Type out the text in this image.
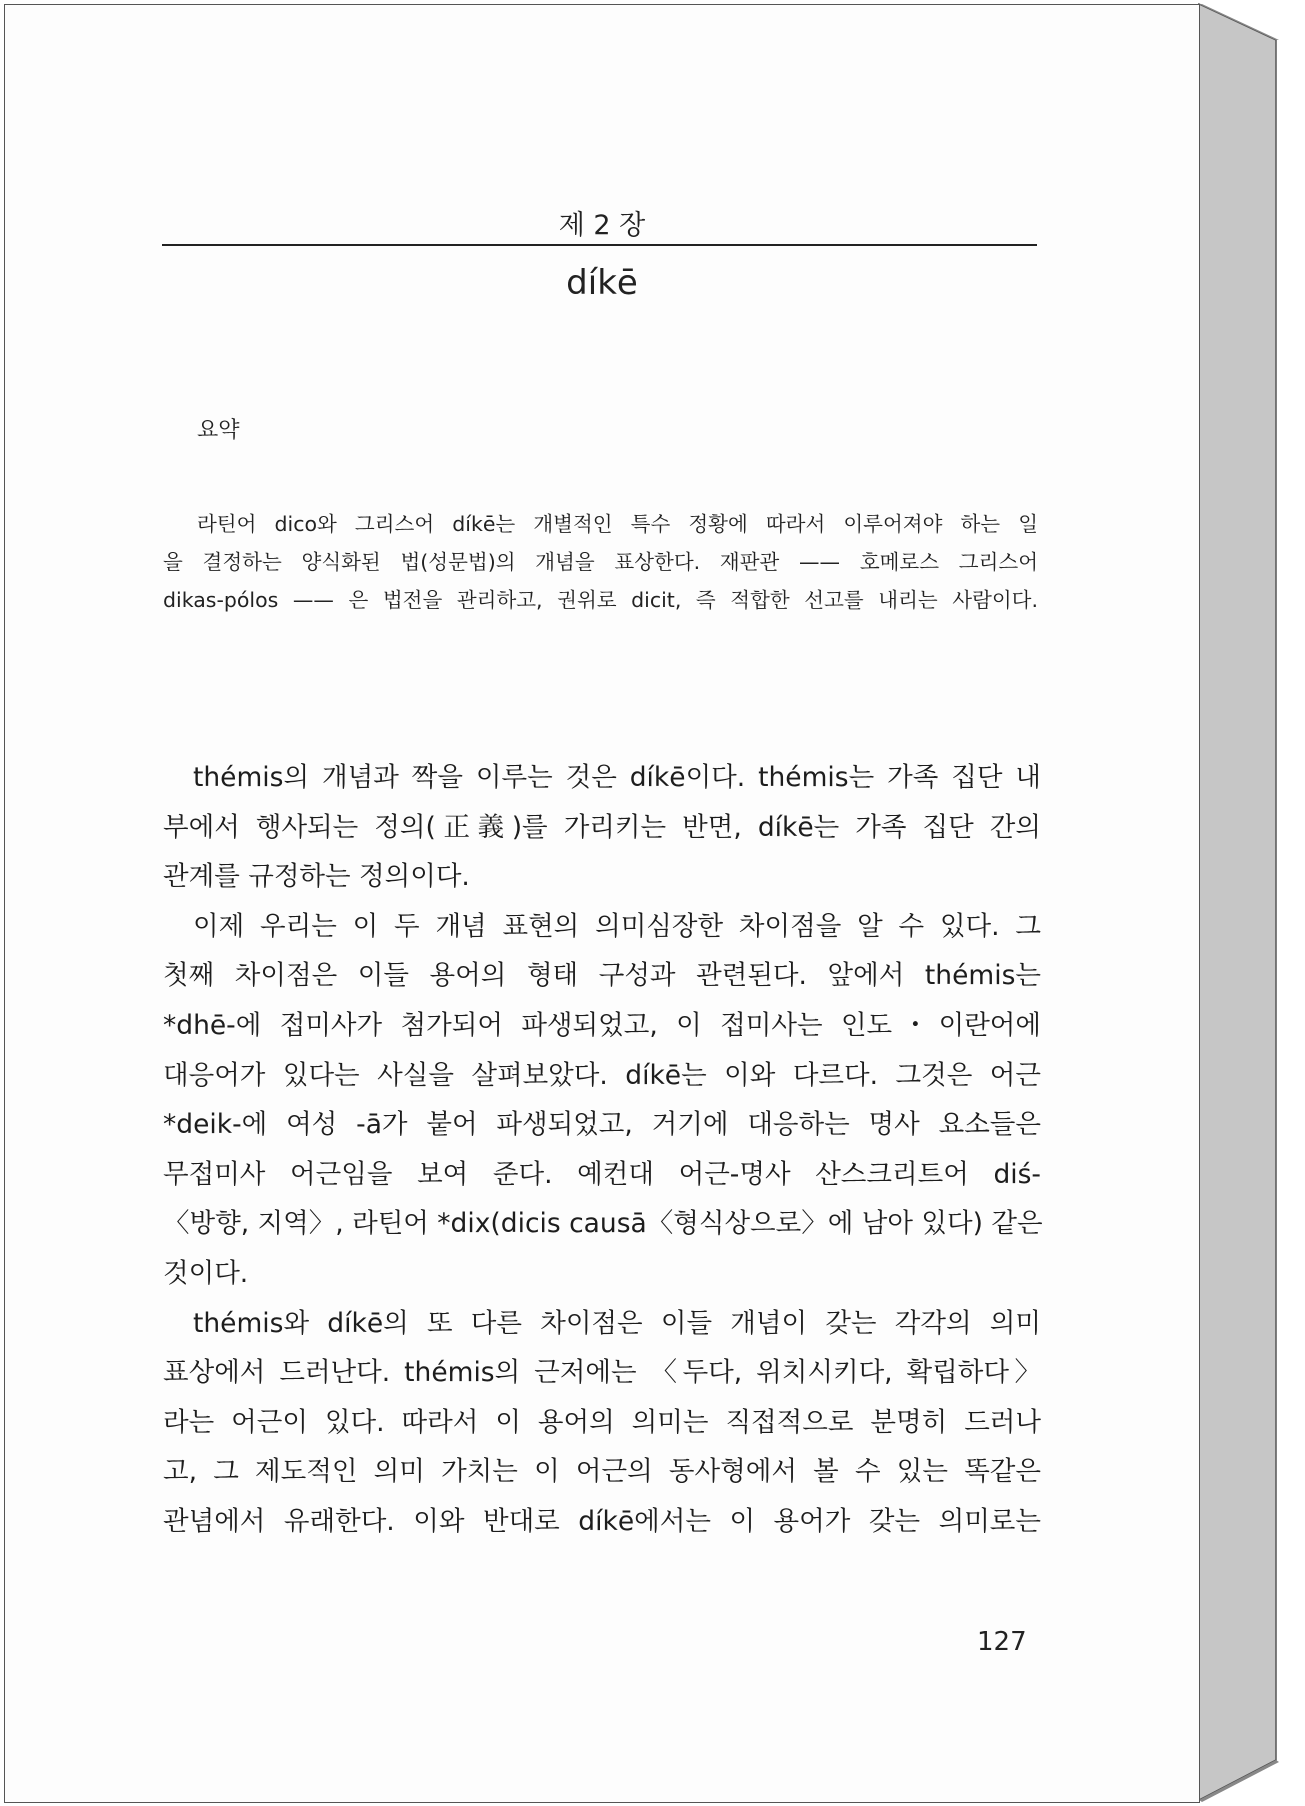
제 2 장
díkē
요약
라틴어 dico와 그리스어 díkē는 개별적인 특수 정황에 따라서 이루어져야 하는 일
을 결정하는 양식화된 법(성문법)의 개념을 표상한다. 재판관 —— 호메로스 그리스어
dikas-pólos —— 은 법전을 관리하고, 권위로 dicit, 즉 적합한 선고를 내리는 사람이다.
thémis의 개념과 짝을 이루는 것은 díkē이다. thémis는 가족 집단 내
부에서 행사되는 정의(正義)를 가리키는 반면, díkē는 가족 집단 간의
관계를 규정하는 정의이다.
이제 우리는 이 두 개념 표현의 의미심장한 차이점을 알 수 있다. 그
첫째 차이점은 이들 용어의 형태 구성과 관련된다. 앞에서 thémis는
*dhē-에 접미사가 첨가되어 파생되었고, 이 접미사는 인도・이란어에
대응어가 있다는 사실을 살펴보았다. díkē는 이와 다르다. 그것은 어근
*deik-에 여성 -ā가 붙어 파생되었고, 거기에 대응하는 명사 요소들은
무접미사 어근임을 보여 준다. 예컨대 어근-명사 산스크리트어 diś-
〈방향, 지역〉, 라틴어 *dix(dicis causā〈형식상으로〉에 남아 있다) 같은
것이다.
thémis와 díkē의 또 다른 차이점은 이들 개념이 갖는 각각의 의미
표상에서 드러난다. thémis의 근저에는 〈두다, 위치시키다, 확립하다〉
라는 어근이 있다. 따라서 이 용어의 의미는 직접적으로 분명히 드러나
고, 그 제도적인 의미 가치는 이 어근의 동사형에서 볼 수 있는 똑같은
관념에서 유래한다. 이와 반대로 díkē에서는 이 용어가 갖는 의미로는
127
